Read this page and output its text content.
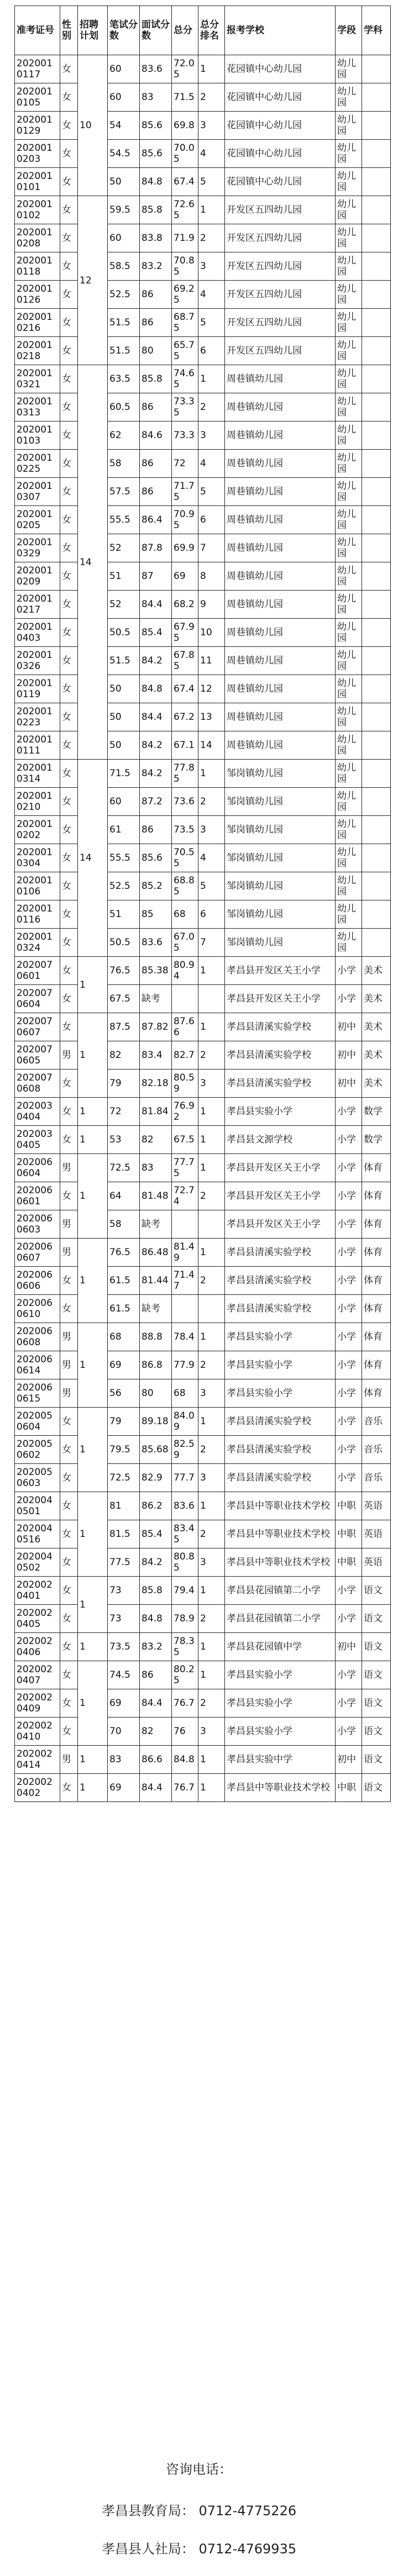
准考证号	性别	招聘计划	笔试分数	面试分数	总分	总分排名	报考学校	学段	学科
2020010117	女	10	60	83.6	72.05	1	花园镇中心幼儿园	幼儿园	
2020010105	女		60	83	71.5	2	花园镇中心幼儿园	幼儿园	
2020010129	女		54	85.6	69.8	3	花园镇中心幼儿园	幼儿园	
2020010203	女		54.5	85.6	70.05	4	花园镇中心幼儿园	幼儿园	
2020010101	女		50	84.8	67.4	5	花园镇中心幼儿园	幼儿园	
2020010102	女	12	59.5	85.8	72.65	1	开发区五四幼儿园	幼儿园	
2020010208	女		60	83.8	71.9	2	开发区五四幼儿园	幼儿园	
2020010118	女		58.5	83.2	70.85	3	开发区五四幼儿园	幼儿园	
2020010126	女		52.5	86	69.25	4	开发区五四幼儿园	幼儿园	
2020010216	女		51.5	86	68.75	5	开发区五四幼儿园	幼儿园	
2020010218	女		51.5	80	65.75	6	开发区五四幼儿园	幼儿园	
2020010321	女	14	63.5	85.8	74.65	1	周巷镇幼儿园	幼儿园	
2020010313	女		60.5	86	73.35	2	周巷镇幼儿园	幼儿园	
2020010103	女		62	84.6	73.3	3	周巷镇幼儿园	幼儿园	
2020010225	女		58	86	72	4	周巷镇幼儿园	幼儿园	
2020010307	女		57.5	86	71.75	5	周巷镇幼儿园	幼儿园	
2020010205	女		55.5	86.4	70.95	6	周巷镇幼儿园	幼儿园	
2020010329	女		52	87.8	69.9	7	周巷镇幼儿园	幼儿园	
2020010209	女		51	87	69	8	周巷镇幼儿园	幼儿园	
2020010217	女		52	84.4	68.2	9	周巷镇幼儿园	幼儿园	
2020010403	女		50.5	85.4	67.95	10	周巷镇幼儿园	幼儿园	
2020010326	女		51.5	84.2	67.85	11	周巷镇幼儿园	幼儿园	
2020010119	女		50	84.8	67.4	12	周巷镇幼儿园	幼儿园	
2020010223	女		50	84.4	67.2	13	周巷镇幼儿园	幼儿园	
2020010111	女		50	84.2	67.1	14	周巷镇幼儿园	幼儿园	
2020010314	女	14	71.5	84.2	77.85	1	邹岗镇幼儿园	幼儿园	
2020010210	女		60	87.2	73.6	2	邹岗镇幼儿园	幼儿园	
2020010202	女		61	86	73.5	3	邹岗镇幼儿园	幼儿园	
2020010304	女		55.5	85.6	70.55	4	邹岗镇幼儿园	幼儿园	
2020010106	女		52.5	85.2	68.85	5	邹岗镇幼儿园	幼儿园	
2020010116	女		51	85	68	6	邹岗镇幼儿园	幼儿园	
2020010324	女		50.5	83.6	67.05	7	邹岗镇幼儿园	幼儿园	
2020070601	女	1	76.5	85.38	80.94	1	孝昌县开发区关王小学	小学	美术
2020070604	女		67.5	缺考			孝昌县开发区关王小学	小学	美术
2020070607	女	1	87.5	87.82	87.66	1	孝昌县清溪实验学校	初中	美术
2020070605	男		82	83.4	82.7	2	孝昌县清溪实验学校	初中	美术
2020070608	女		79	82.18	80.59	3	孝昌县清溪实验学校	初中	美术
2020030404	女	1	72	81.84	76.92	1	孝昌县实验小学	小学	数学
2020030405	女	1	53	82	67.5	1	孝昌县文源学校	小学	数学
2020060604	男	1	72.5	83	77.75	1	孝昌县开发区关王小学	小学	体育
2020060601	女		64	81.48	72.74	2	孝昌县开发区关王小学	小学	体育
2020060603	男		58	缺考			孝昌县开发区关王小学	小学	体育
2020060607	男	1	76.5	86.48	81.49	1	孝昌县清溪实验学校	小学	体育
2020060606	女		61.5	81.44	71.47	2	孝昌县清溪实验学校	小学	体育
2020060610	女		61.5	缺考			孝昌县清溪实验学校	小学	体育
2020060608	男	1	68	88.8	78.4	1	孝昌县实验小学	小学	体育
2020060614	男		69	86.8	77.9	2	孝昌县实验小学	小学	体育
2020060615	男		56	80	68	3	孝昌县实验小学	小学	体育
2020050604	女	1	79	89.18	84.09	1	孝昌县清溪实验学校	小学	音乐
2020050602	女		79.5	85.68	82.59	2	孝昌县清溪实验学校	小学	音乐
2020050603	女		72.5	82.9	77.7	3	孝昌县清溪实验学校	小学	音乐
2020040501	女	1	81	86.2	83.6	1	孝昌县中等职业技术学校	中职	英语
2020040516	女		81.5	85.4	83.45	2	孝昌县中等职业技术学校	中职	英语
2020040502	女		77.5	84.2	80.85	3	孝昌县中等职业技术学校	中职	英语
2020020401	女	1	73	85.8	79.4	1	孝昌县花园镇第二小学	小学	语文
2020020405	女		73	84.8	78.9	2	孝昌县花园镇第二小学	小学	语文
2020020406	女	1	73.5	83.2	78.35	1	孝昌县花园镇中学	初中	语文
2020020407	女	1	74.5	86	80.25	1	孝昌县实验小学	小学	语文
2020020409	女		69	84.4	76.7	2	孝昌县实验小学	小学	语文
2020020410	女		70	82	76	3	孝昌县实验小学	小学	语文
2020020414	男	1	83	86.6	84.8	1	孝昌县实验中学	初中	语文
2020020402	女	1	69	84.4	76.7	1	孝昌县中等职业技术学校	中职	语文
咨询电话：
孝昌县教育局： 0712-4775226
孝昌县人社局： 0712-4769935
